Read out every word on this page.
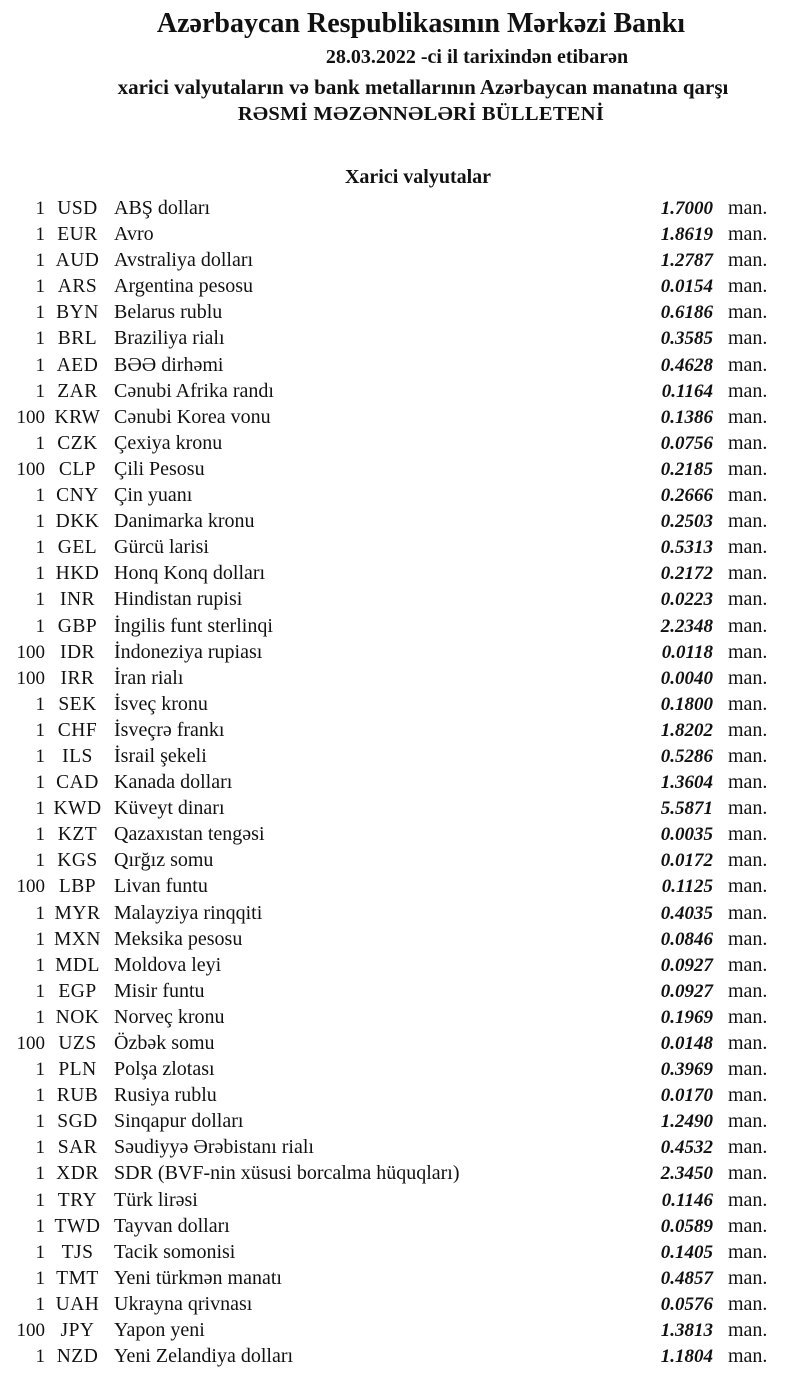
Azərbaycan Respublikasının Mərkəzi Bankı
28.03.2022 -ci il tarixindən etibarən
xarici valyutaların və bank metallarının Azərbaycan manatına qarşı
RƏSMİ MƏZƏNNƏLƏRİ BÜLLETENİ
Xarici valyutalar
1 USD ABŞ dolları	1.7000 man.
1 EUR Avro	1.8619 man.
1 AUD Avstraliya dolları	1.2787 man.
1 ARS Argentina pesosu	0.0154 man.
1 BYN Belarus rublu	0.6186 man.
1 BRL Braziliya rialı	0.3585 man.
1 AED BƏƏ dirhəmi	0.4628 man.
1 ZAR Cənubi Afrika randı	0.1164 man.
100 KRW Cənubi Korea vonu	0.1386 man.
1 CZK Çexiya kronu	0.0756 man.
100 CLP Çili Pesosu	0.2185 man.
1 CNY Çin yuanı	0.2666 man.
1 DKK Danimarka kronu	0.2503 man.
1 GEL Gürcü larisi	0.5313 man.
1 HKD Honq Konq dolları	0.2172 man.
1 INR Hindistan rupisi	0.0223 man.
1 GBP İngilis funt sterlinqi	2.2348 man.
100 IDR İndoneziya rupiası	0.0118 man.
100 IRR İran rialı	0.0040 man.
1 SEK İsveç kronu	0.1800 man.
1 CHF İsveçrə frankı	1.8202 man.
1 ILS	İsrail şekeli	0.5286 man.
1 CAD Kanada dolları	1.3604 man.
1 KWD Küveyt dinarı	5.5871 man.
1 KZT Qazaxıstan tengəsi	0.0035 man.
1 KGS Qırğız somu	0.0172 man.
100 LBP Livan funtu	0.1125 man.
1 MYR Malayziya rinqqiti	0.4035 man.
1 MXN Meksika pesosu	0.0846 man.
1 MDL Moldova leyi	0.0927 man.
1 EGP Misir funtu	0.0927 man.
1 NOK Norveç kronu	0.1969 man.
100 UZS Özbək somu	0.0148 man.
1 PLN Polşa zlotası	0.3969 man.
1 RUB Rusiya rublu	0.0170 man.
1 SGD Sinqapur dolları	1.2490 man.
1 SAR Səudiyyə Ərəbistanı rialı	0.4532 man.
1 XDR SDR (BVF-nin xüsusi borcalma hüquqları)	2.3450 man.
1 TRY Türk lirəsi	0.1146 man.
1 TWD Tayvan dolları	0.0589 man.
1 TJS	Tacik somonisi	0.1405 man.
1 TMT Yeni türkmən manatı	0.4857 man.
1 UAH Ukrayna qrivnası	0.0576 man.
100 JPY Yapon yeni	1.3813 man.
1 NZD Yeni Zelandiya dolları	1.1804 man.
